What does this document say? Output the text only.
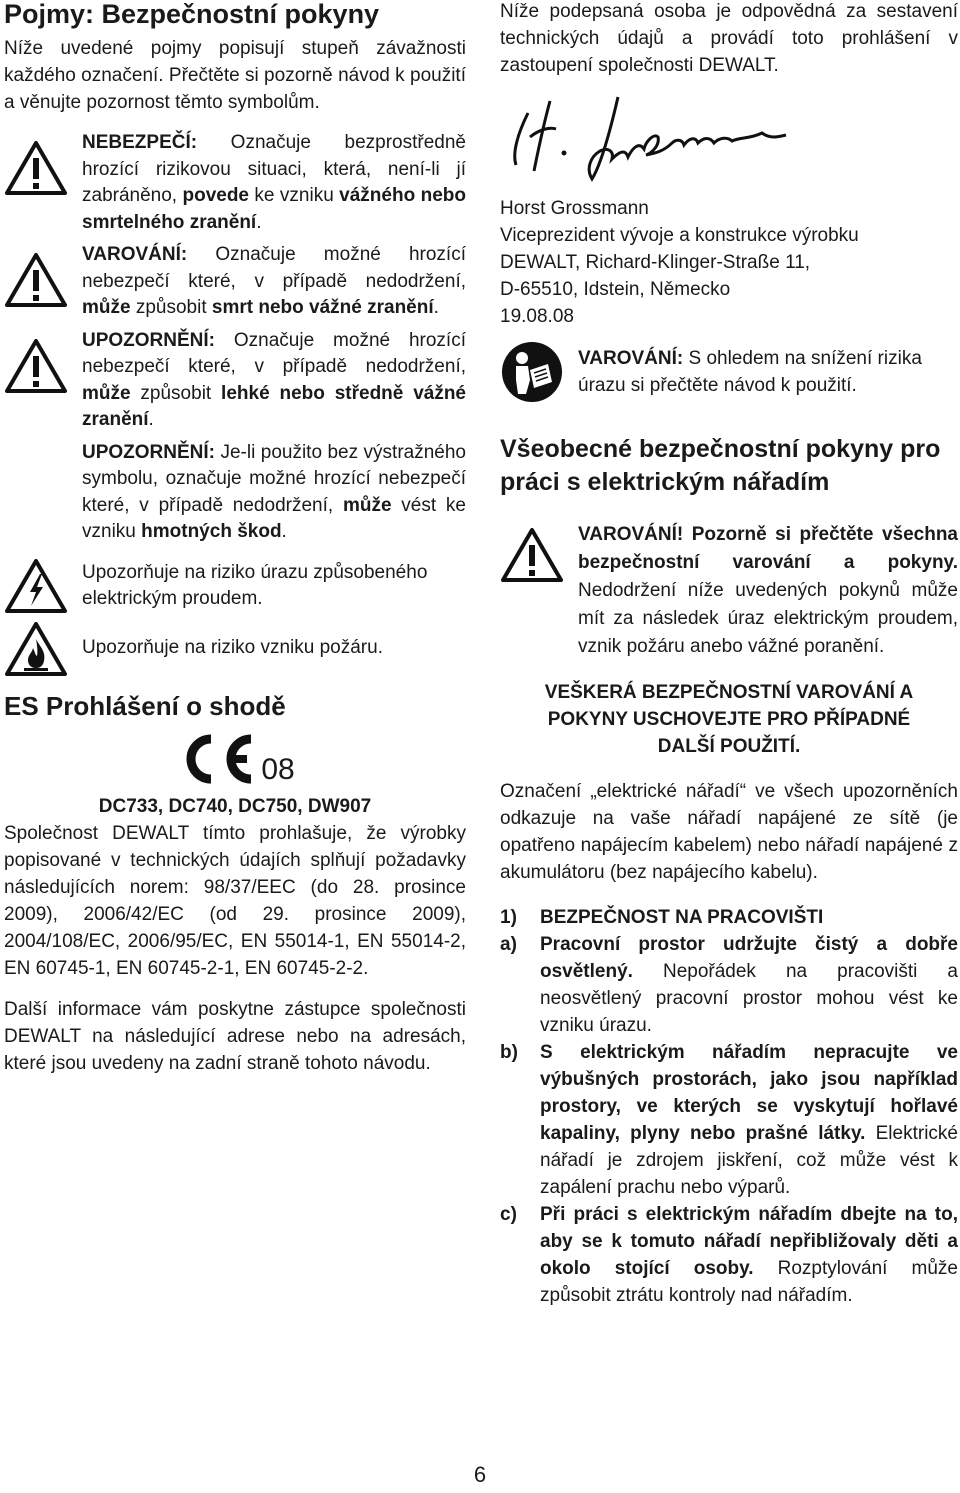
Pojmy: Bezpečnostní pokyny

Níže uvedené pojmy popisují stupeň závažnosti každého označení. Přečtěte si pozorně návod k použití a věnujte pozornost těmto symbolům.

NEBEZPEČÍ: Označuje bezprostředně hrozící rizikovou situaci, která, není-li jí zabráněno, povede ke vzniku vážného nebo smrtelného zranění.
VAROVÁNÍ: Označuje možné hrozící nebezpečí které, v případě nedodržení, může způsobit smrt nebo vážné zranění.
UPOZORNĚNÍ: Označuje možné hrozící nebezpečí které, v případě nedodržení, může způsobit lehké nebo středně vážné zranění.
UPOZORNĚNÍ: Je-li použito bez výstražného symbolu, označuje možné hrozící nebezpečí které, v případě nedodržení, může vést ke vzniku hmotných škod.
Upozorňuje na riziko úrazu způsobeného elektrickým proudem.
Upozorňuje na riziko vzniku požáru.
ES Prohlášení o shodě
08

DC733, DC740, DC750, DW907

Společnost DEWALT tímto prohlašuje, že výrobky popisované v technických údajích splňují požadavky následujících norem: 98/37/EEC (do 28. prosince 2009), 2006/42/EC (od 29. prosince 2009), 2004/108/EC, 2006/95/EC, EN 55014-1, EN 55014-2, EN 60745-1, EN 60745-2-1, EN 60745-2-2.

Další informace vám poskytne zástupce společnosti DEWALT na následující adrese nebo na adresách, které jsou uvedeny na zadní straně tohoto návodu.

Níže podepsaná osoba je odpovědná za sestavení technických údajů a provádí toto prohlášení v zastoupení společnosti DEWALT.

Horst Grossmann
Viceprezident vývoje a konstrukce výrobku
DEWALT, Richard-Klinger-Straße 11,
D-65510, Idstein, Německo
19.08.08
VAROVÁNÍ: S ohledem na snížení rizika úrazu si přečtěte návod k použití.
Všeobecné bezpečnostní pokyny pro práci s elektrickým nářadím
VAROVÁNÍ! Pozorně si přečtěte všechna bezpečnostní varování a pokyny. Nedodržení níže uvedených pokynů může mít za následek úraz elektrickým proudem, vznik požáru anebo vážné poranění.

VEŠKERÁ BEZPEČNOSTNÍ VAROVÁNÍ A POKYNY USCHOVEJTE PRO PŘÍPADNÉ DALŠÍ POUŽITÍ.

Označení „elektrické nářadí“ ve všech upozorněních odkazuje na vaše nářadí napájené ze sítě (je opatřeno napájecím kabelem) nebo nářadí napájené z akumulátoru (bez napájecího kabelu).

1) BEZPEČNOST NA PRACOVIŠTI
a) Pracovní prostor udržujte čistý a dobře osvětlený. Nepořádek na pracovišti a neosvětlený pracovní prostor mohou vést ke vzniku úrazu.
b) S elektrickým nářadím nepracujte ve výbušných prostorách, jako jsou například prostory, ve kterých se vyskytují hořlavé kapaliny, plyny nebo prašné látky. Elektrické nářadí je zdrojem jiskření, což může vést k zapálení prachu nebo výparů.
c) Při práci s elektrickým nářadím dbejte na to, aby se k tomuto nářadí nepřibližovaly děti a okolo stojící osoby. Rozptylování může způsobit ztrátu kontroly nad nářadím.
6
